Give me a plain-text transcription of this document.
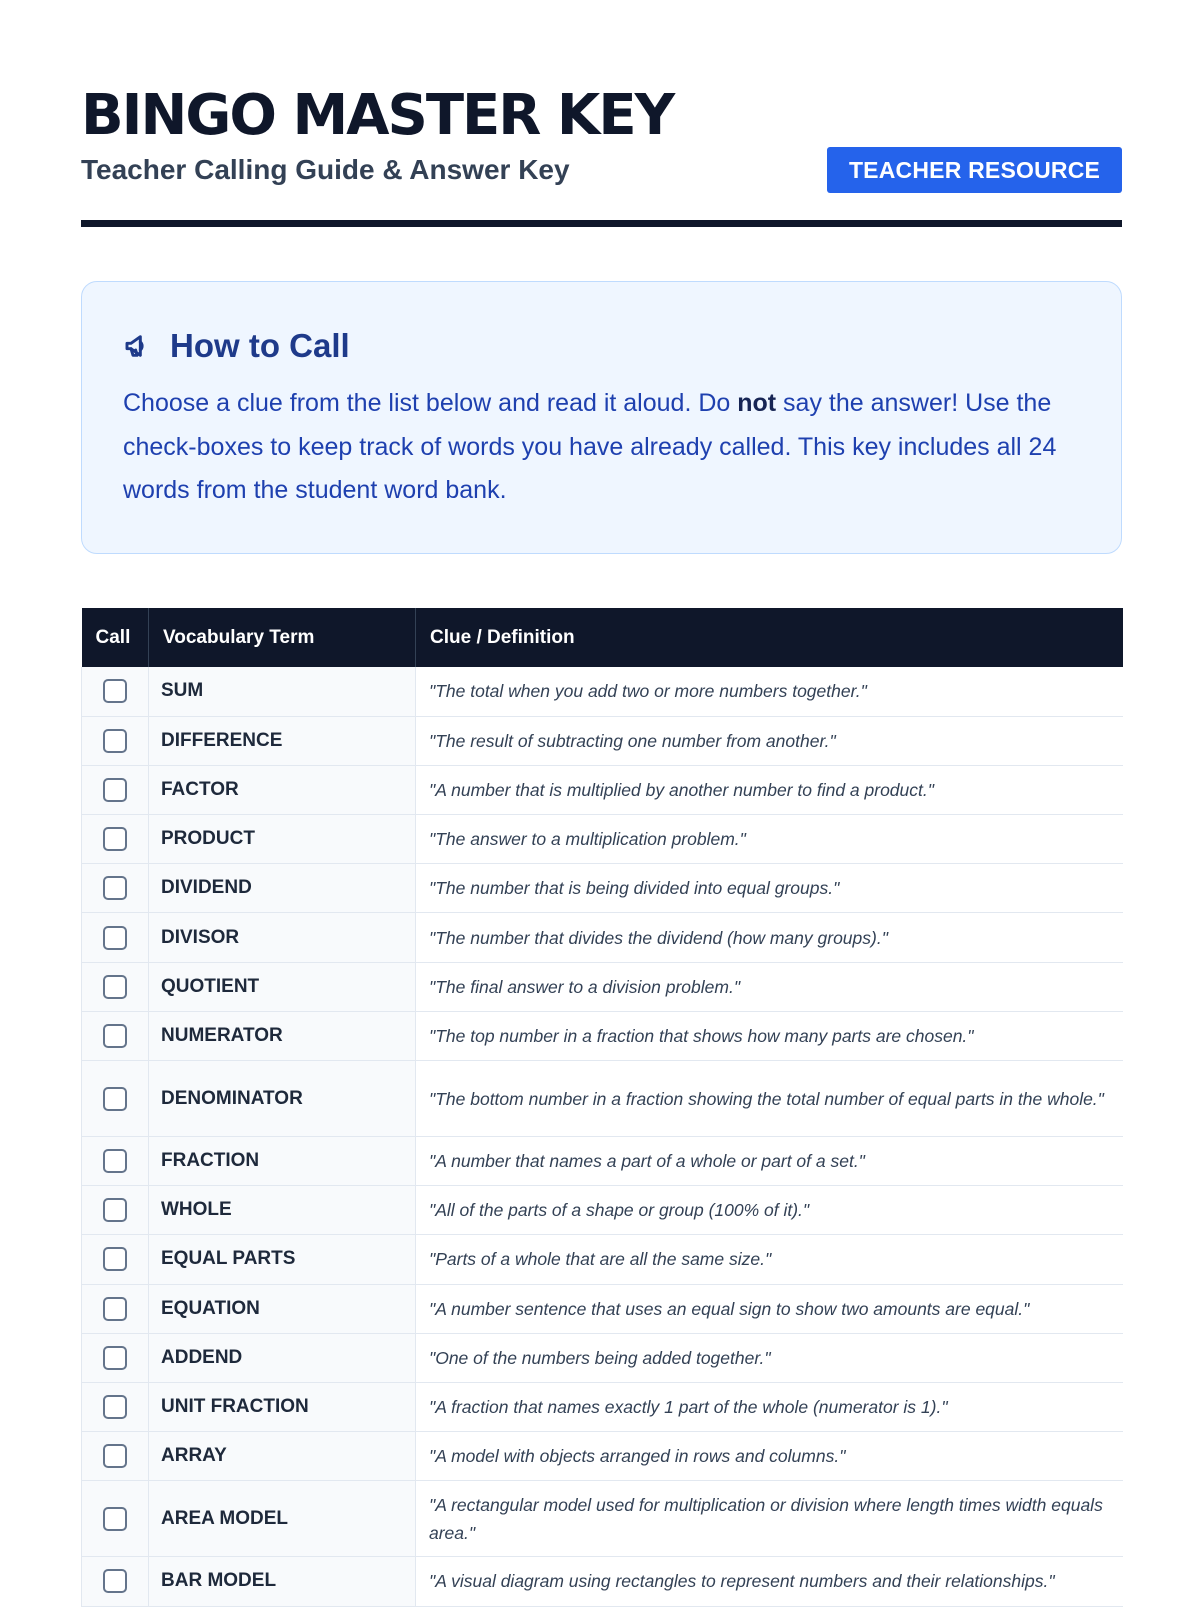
BINGO MASTER KEY
Teacher Calling Guide & Answer Key	TEACHER RESOURCE
How to Call
Choose a clue from the list below and read it aloud. Do not say the answer! Use the check-boxes to keep track of words you have already called. This key includes all 24 words from the student word bank.
Call	Vocabulary Term	Clue / Definition
	SUM	"The total when you add two or more numbers together."
	DIFFERENCE	"The result of subtracting one number from another."
	FACTOR	"A number that is multiplied by another number to find a product."
	PRODUCT	"The answer to a multiplication problem."
	DIVIDEND	"The number that is being divided into equal groups."
	DIVISOR	"The number that divides the dividend (how many groups)."
	QUOTIENT	"The final answer to a division problem."
	NUMERATOR	"The top number in a fraction that shows how many parts are chosen."
	DENOMINATOR	"The bottom number in a fraction showing the total number of equal parts in the whole."
	FRACTION	"A number that names a part of a whole or part of a set."
	WHOLE	"All of the parts of a shape or group (100% of it)."
	EQUAL PARTS	"Parts of a whole that are all the same size."
	EQUATION	"A number sentence that uses an equal sign to show two amounts are equal."
	ADDEND	"One of the numbers being added together."
	UNIT FRACTION	"A fraction that names exactly 1 part of the whole (numerator is 1)."
	ARRAY	"A model with objects arranged in rows and columns."
	AREA MODEL	"A rectangular model used for multiplication or division where length times width equals area."
	BAR MODEL	"A visual diagram using rectangles to represent numbers and their relationships."
